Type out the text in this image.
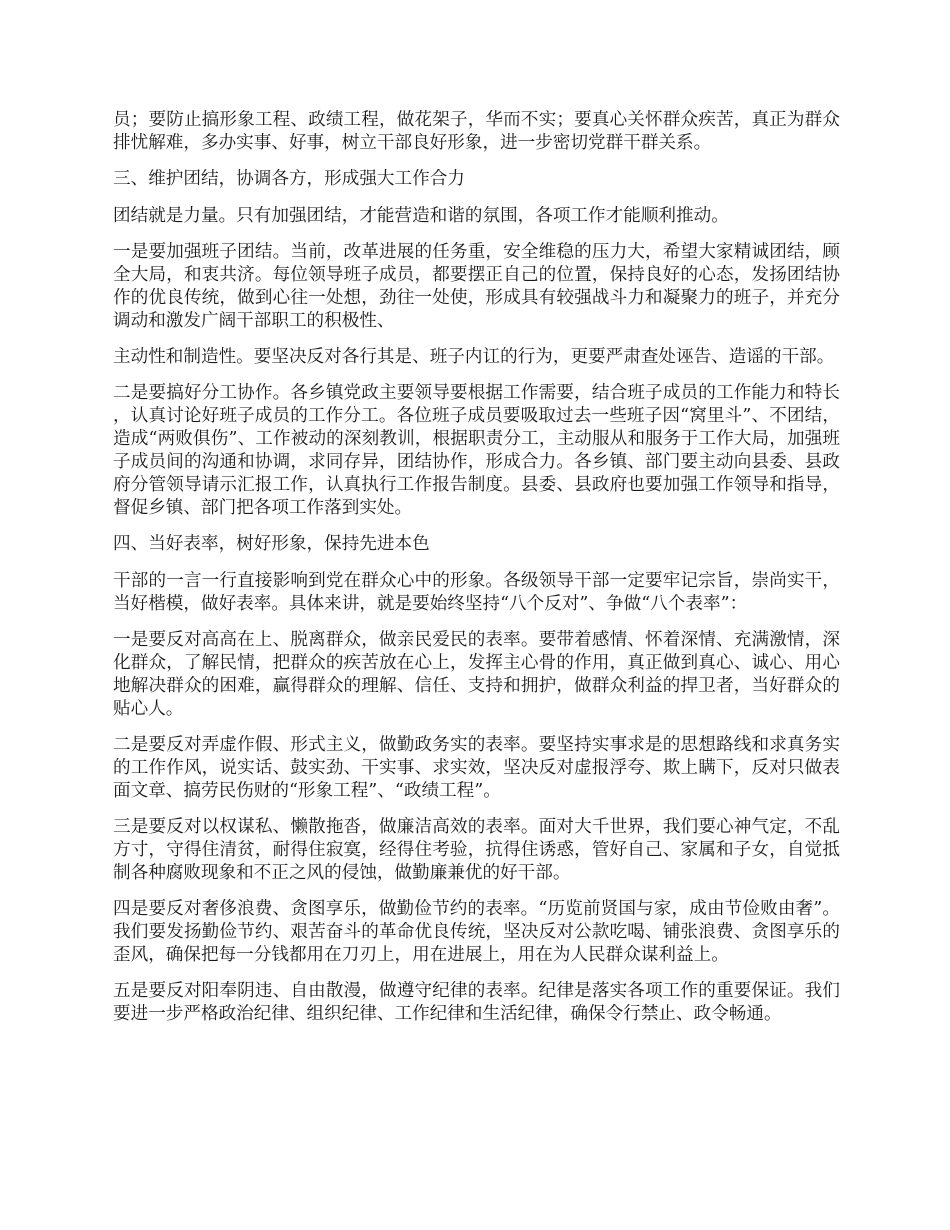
员；要防止搞形象工程、政绩工程，做花架子，华而不实；要真心关怀群众疾苦，真正为群众排忧解难，多办实事、好事，树立干部良好形象，进一步密切党群干群关系。

三、维护团结，协调各方，形成强大工作合力

团结就是力量。只有加强团结，才能营造和谐的氛围，各项工作才能顺利推动。

一是要加强班子团结。当前，改革进展的任务重，安全维稳的压力大，希望大家精诚团结，顾全大局，和衷共济。每位领导班子成员，都要摆正自己的位置，保持良好的心态，发扬团结协作的优良传统，做到心往一处想，劲往一处使，形成具有较强战斗力和凝聚力的班子，并充分调动和激发广阔干部职工的积极性、

主动性和制造性。要坚决反对各行其是、班子内讧的行为，更要严肃查处诬告、造谣的干部。

二是要搞好分工协作。各乡镇党政主要领导要根据工作需要，结合班子成员的工作能力和特长，认真讨论好班子成员的工作分工。各位班子成员要吸取过去一些班子因“窝里斗”、不团结，造成“两败俱伤”、工作被动的深刻教训，根据职责分工，主动服从和服务于工作大局，加强班子成员间的沟通和协调，求同存异，团结协作，形成合力。各乡镇、部门要主动向县委、县政府分管领导请示汇报工作，认真执行工作报告制度。县委、县政府也要加强工作领导和指导，督促乡镇、部门把各项工作落到实处。

四、当好表率，树好形象，保持先进本色

干部的一言一行直接影响到党在群众心中的形象。各级领导干部一定要牢记宗旨，崇尚实干，当好楷模，做好表率。具体来讲，就是要始终坚持“八个反对”、争做“八个表率”：

一是要反对高高在上、脱离群众，做亲民爱民的表率。要带着感情、怀着深情、充满激情，深化群众，了解民情，把群众的疾苦放在心上，发挥主心骨的作用，真正做到真心、诚心、用心地解决群众的困难，赢得群众的理解、信任、支持和拥护，做群众利益的捍卫者，当好群众的贴心人。

二是要反对弄虚作假、形式主义，做勤政务实的表率。要坚持实事求是的思想路线和求真务实的工作作风，说实话、鼓实劲、干实事、求实效，坚决反对虚报浮夸、欺上瞒下，反对只做表面文章、搞劳民伤财的“形象工程”、“政绩工程”。

三是要反对以权谋私、懒散拖沓，做廉洁高效的表率。面对大千世界，我们要心神气定，不乱方寸，守得住清贫，耐得住寂寞，经得住考验，抗得住诱惑，管好自己、家属和子女，自觉抵制各种腐败现象和不正之风的侵蚀，做勤廉兼优的好干部。

四是要反对奢侈浪费、贪图享乐，做勤俭节约的表率。“历览前贤国与家，成由节俭败由奢”。我们要发扬勤俭节约、艰苦奋斗的革命优良传统，坚决反对公款吃喝、铺张浪费、贪图享乐的歪风，确保把每一分钱都用在刀刃上，用在进展上，用在为人民群众谋利益上。

五是要反对阳奉阴违、自由散漫，做遵守纪律的表率。纪律是落实各项工作的重要保证。我们要进一步严格政治纪律、组织纪律、工作纪律和生活纪律，确保令行禁止、政令畅通。
